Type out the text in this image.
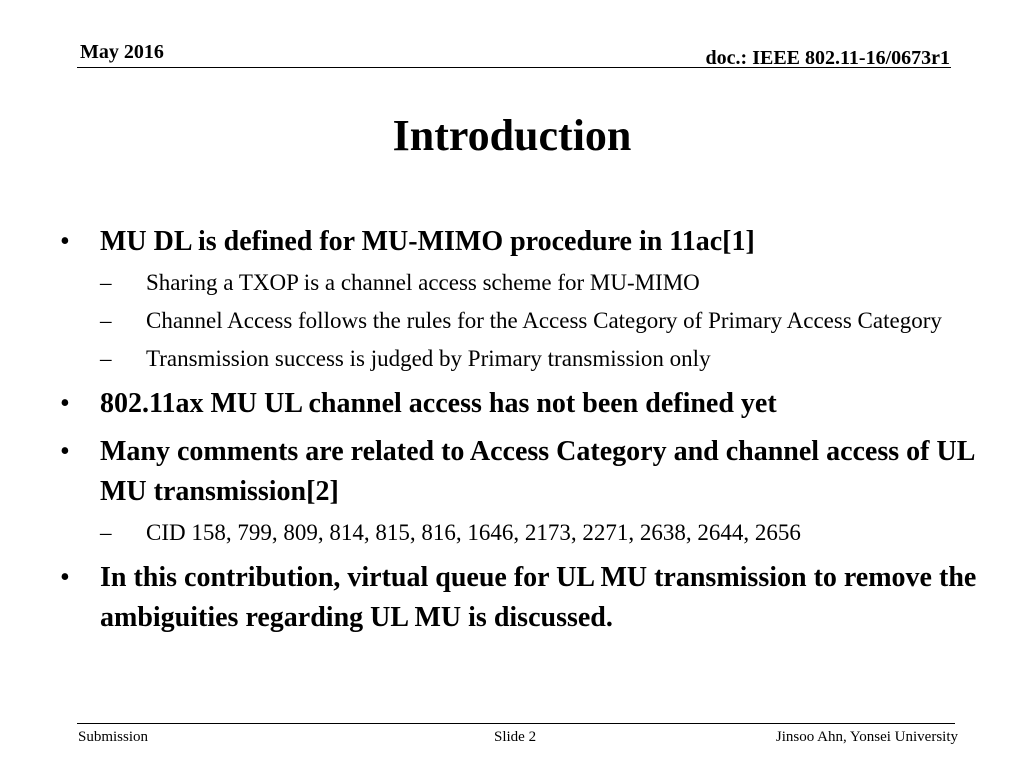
May 2016	doc.: IEEE 802.11-16/0673r1
Introduction
• MU DL is defined for MU-MIMO procedure in 11ac[1]
– Sharing a TXOP is a channel access scheme for MU-MIMO
– Channel Access follows the rules for the Access Category of Primary Access Category
– Transmission success is judged by Primary transmission only
• 802.11ax MU UL channel access has not been defined yet
• Many comments are related to Access Category and channel access of UL MU transmission[2]
– CID 158, 799, 809, 814, 815, 816, 1646, 2173, 2271, 2638, 2644, 2656
• In this contribution, virtual queue for UL MU transmission to remove the ambiguities regarding UL MU is discussed.
Submission	Slide 2	Jinsoo Ahn, Yonsei University
